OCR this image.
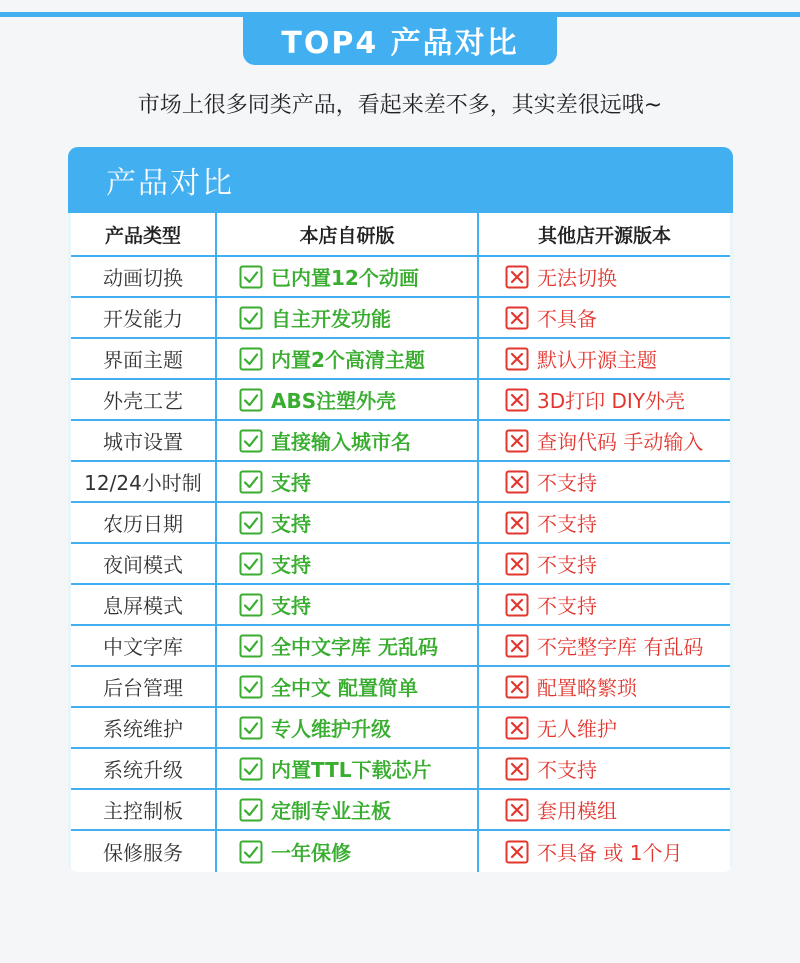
TOP4 产品对比
市场上很多同类产品，看起来差不多，其实差很远哦~
产品对比
产品类型	本店自研版	其他店开源版本
动画切换	已内置12个动画	无法切换
开发能力	自主开发功能	不具备
界面主题	内置2个高清主题	默认开源主题
外壳工艺	ABS注塑外壳	3D打印 DIY外壳
城市设置	直接输入城市名	查询代码 手动输入
12/24小时制	支持	不支持
农历日期	支持	不支持
夜间模式	支持	不支持
息屏模式	支持	不支持
中文字库	全中文字库 无乱码	不完整字库 有乱码
后台管理	全中文 配置简单	配置略繁琐
系统维护	专人维护升级	无人维护
系统升级	内置TTL下载芯片	不支持
主控制板	定制专业主板	套用模组
保修服务	一年保修	不具备 或 1个月
